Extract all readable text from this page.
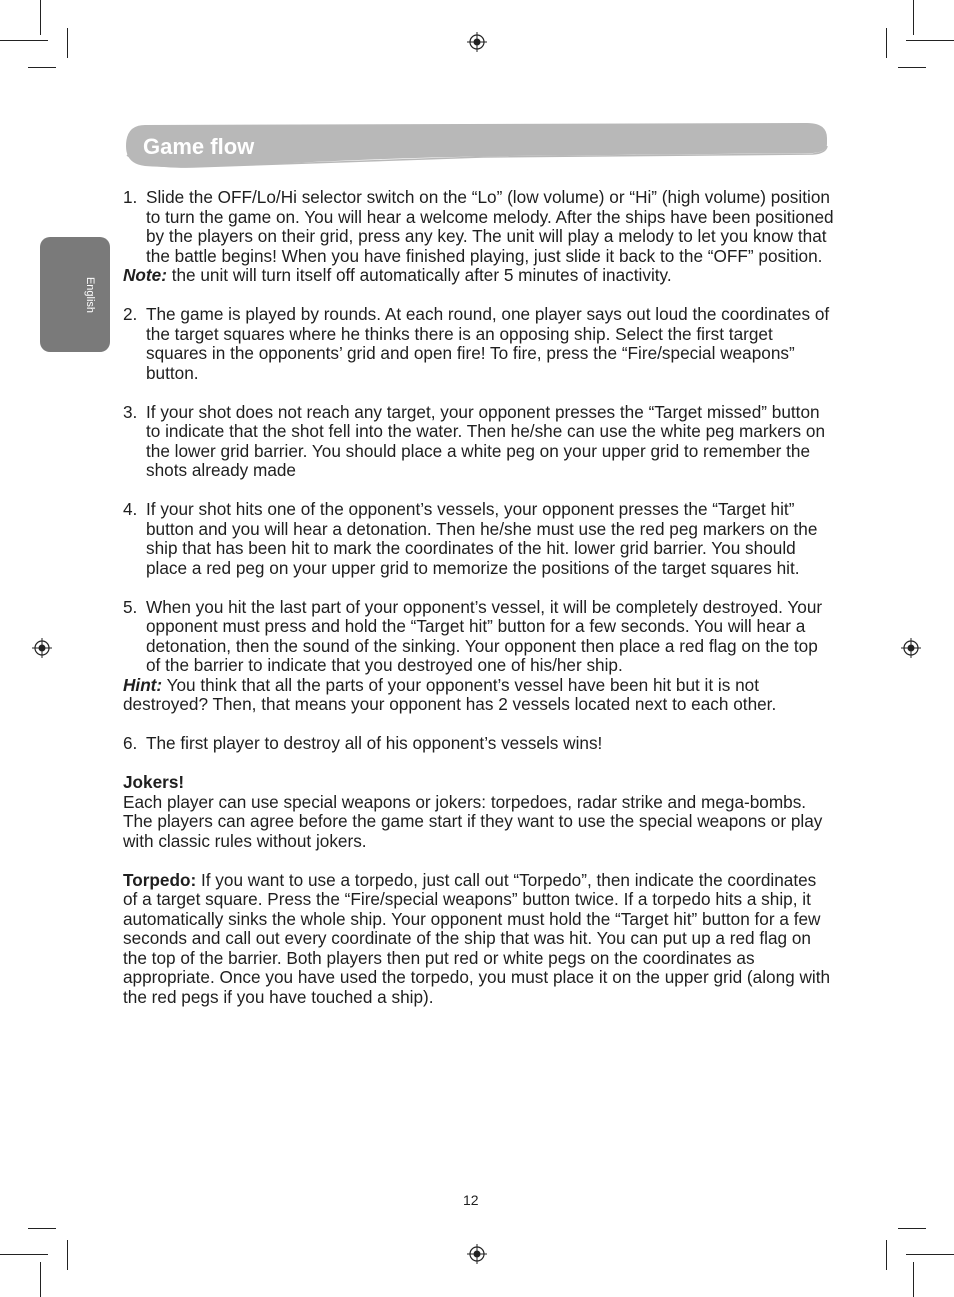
English
Game flow
1. Slide the OFF/Lo/Hi selector switch on the “Lo” (low volume) or “Hi” (high volume) position to turn the game on. You will hear a welcome melody. After the ships have been positioned by the players on their grid, press any key. The unit will play a melody to let you know that the battle begins! When you have finished playing, just slide it back to the “OFF” position.

Note: the unit will turn itself off automatically after 5 minutes of inactivity.

2. The game is played by rounds. At each round, one player says out loud the coordinates of the target squares where he thinks there is an opposing ship. Select the first target squares in the opponents’ grid and open fire! To fire, press the “Fire/special weapons” button.

3. If your shot does not reach any target, your opponent presses the “Target missed” button to indicate that the shot fell into the water. Then he/she can use the white peg markers on the lower grid barrier. You should place a white peg on your upper grid to remember the shots already made

4. If your shot hits one of the opponent’s vessels, your opponent presses the “Target hit” button and you will hear a detonation. Then he/she must use the red peg markers on the ship that has been hit to mark the coordinates of the hit. lower grid barrier. You should place a red peg on your upper grid to memorize the positions of the target squares hit.

5. When you hit the last part of your opponent’s vessel, it will be completely destroyed. Your opponent must press and hold the “Target hit” button for a few seconds. You will hear a detonation, then the sound of the sinking. Your opponent then place a red flag on the top of the barrier to indicate that you destroyed one of his/her ship.

Hint: You think that all the parts of your opponent’s vessel have been hit but it is not destroyed? Then, that means your opponent has 2 vessels located next to each other.

6. The first player to destroy all of his opponent’s vessels wins!

Jokers!

Each player can use special weapons or jokers: torpedoes, radar strike and mega-bombs. The players can agree before the game start if they want to use the special weapons or play with classic rules without jokers.

Torpedo: If you want to use a torpedo, just call out “Torpedo”, then indicate the coordinates of a target square. Press the “Fire/special weapons” button twice. If a torpedo hits a ship, it automatically sinks the whole ship. Your opponent must hold the “Target hit” button for a few seconds and call out every coordinate of the ship that was hit. You can put up a red flag on the top of the barrier. Both players then put red or white pegs on the coordinates as appropriate. Once you have used the torpedo, you must place it on the upper grid (along with the red pegs if you have touched a ship).

12
